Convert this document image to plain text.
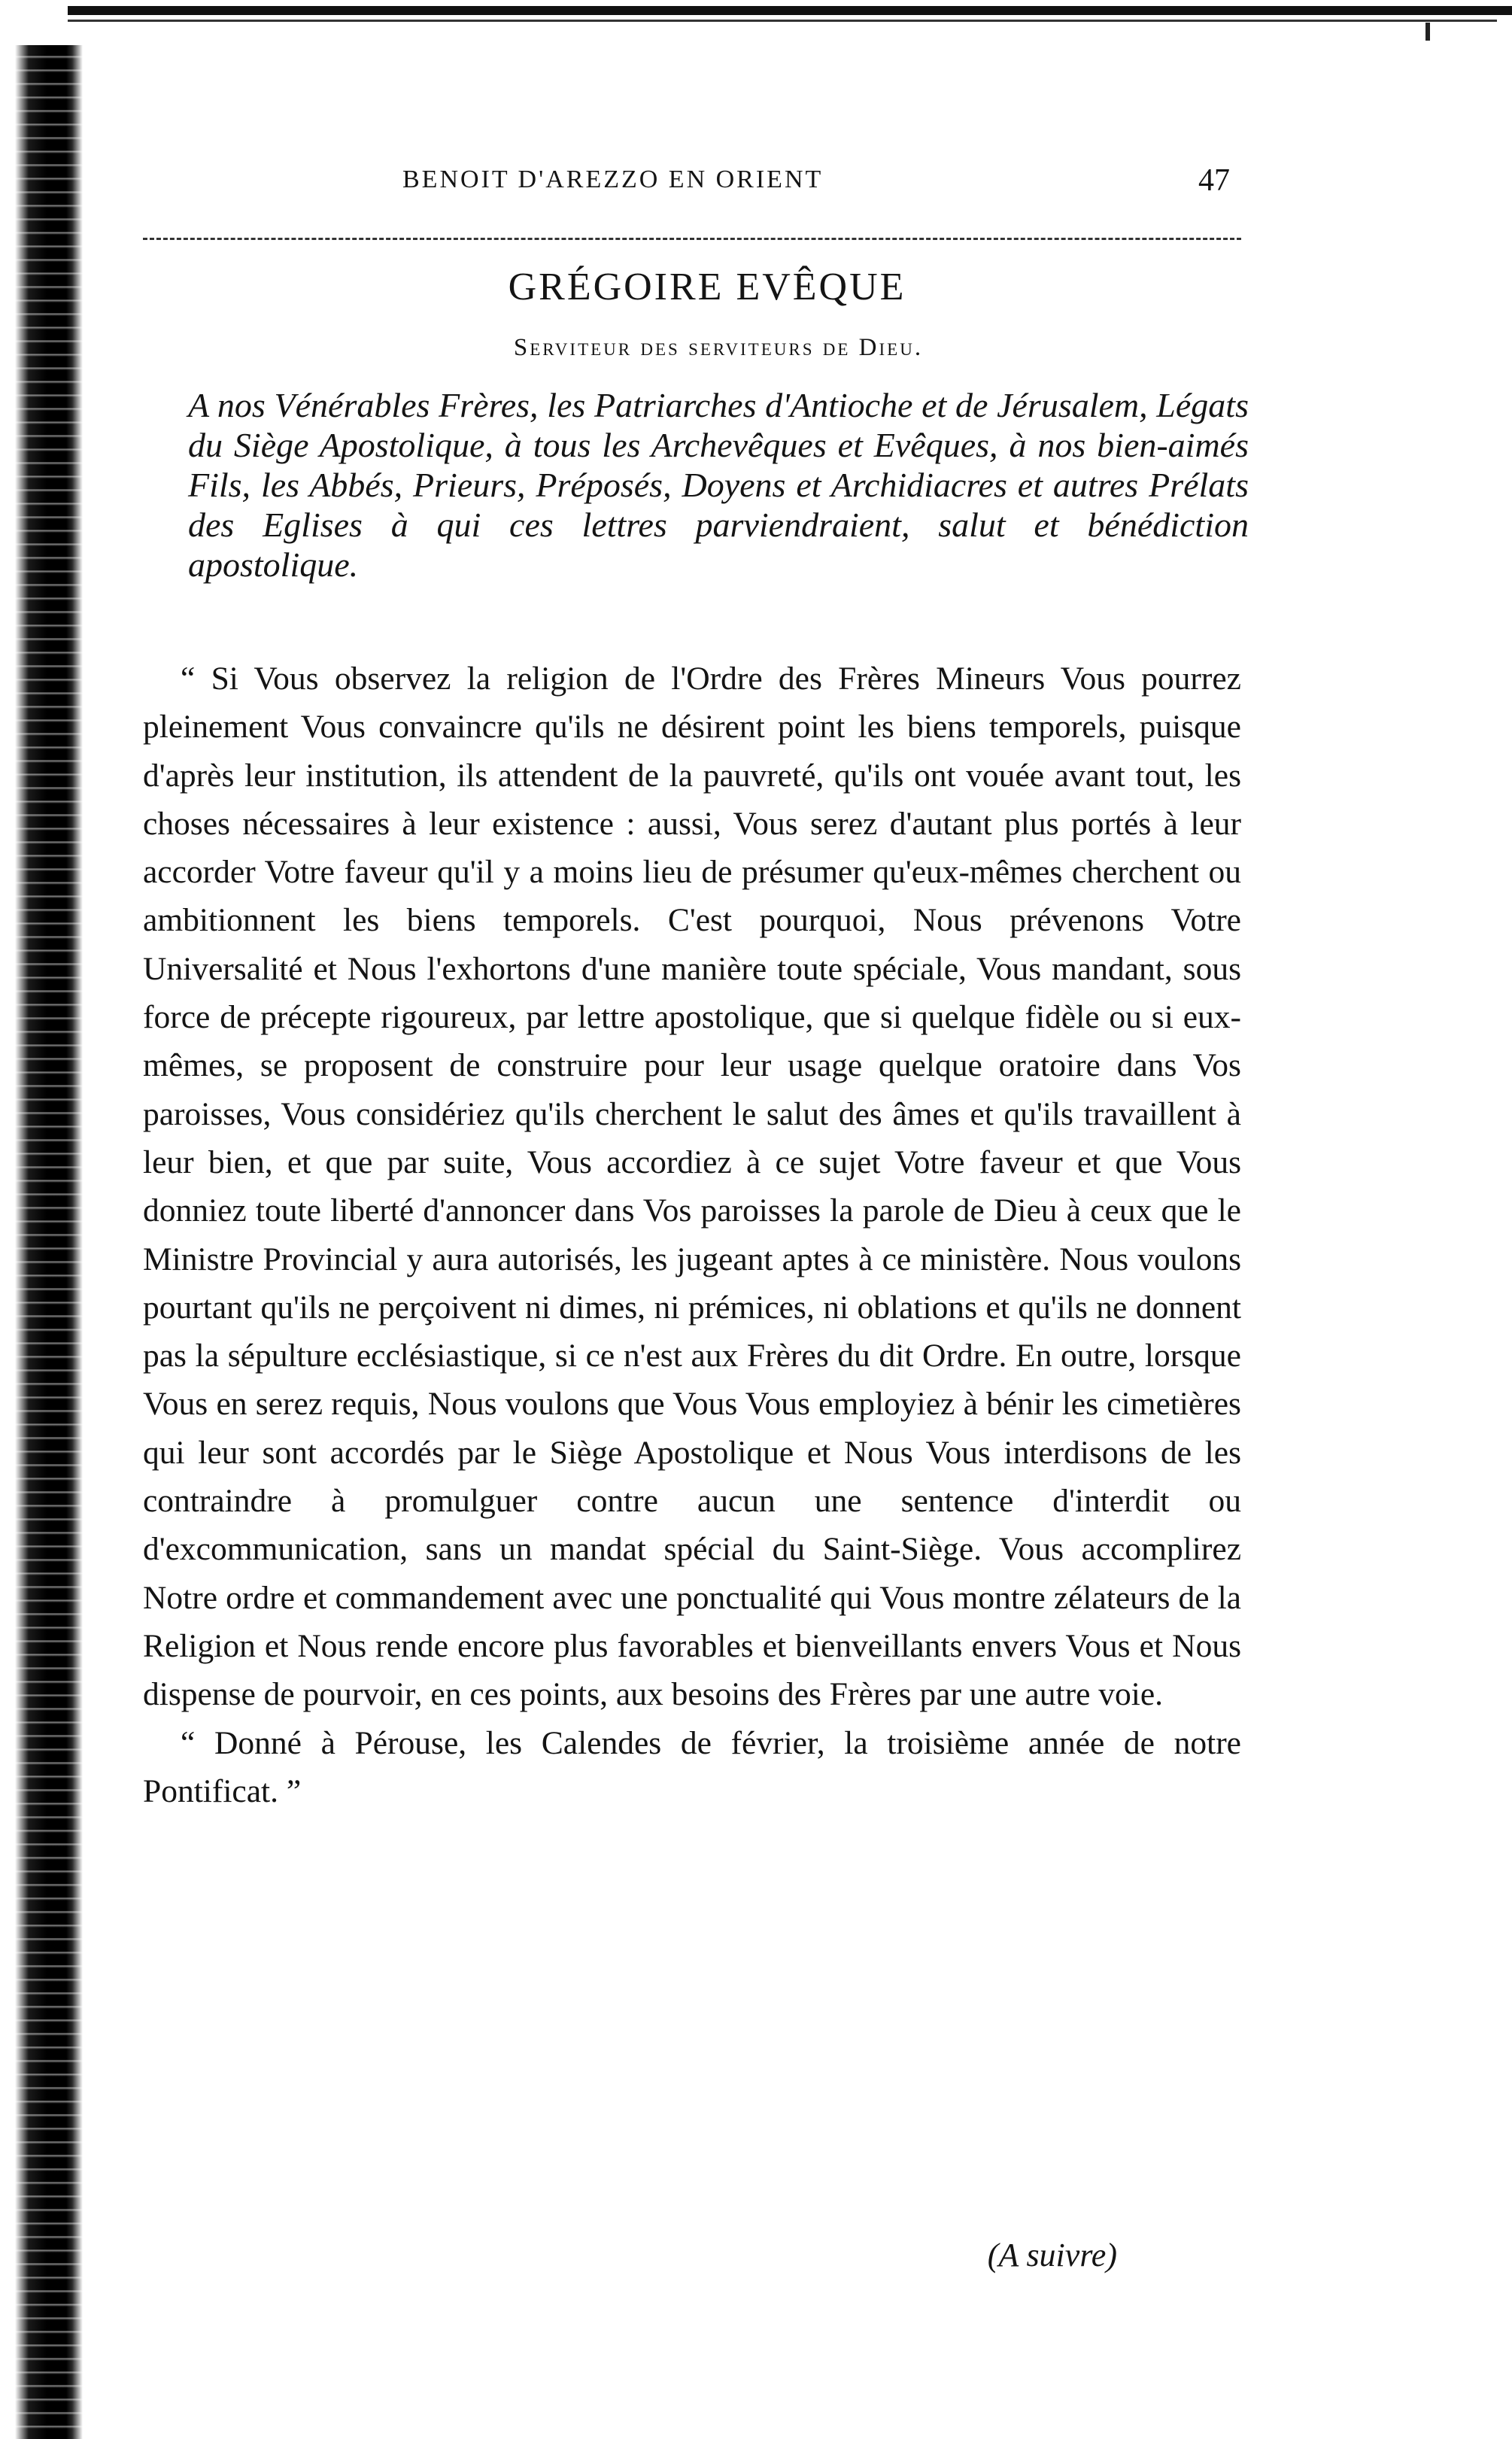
BENOIT D'AREZZO EN ORIENT	47
GRÉGOIRE EVÊQUE
Serviteur des serviteurs de Dieu.
A nos Vénérables Frères, les Patriarches d'Antioche et de Jérusalem, Légats du Siège Apostolique, à tous les Archevêques et Evêques, à nos bien-aimés Fils, les Abbés, Prieurs, Préposés, Doyens et Archidiacres et autres Prélats des Eglises à qui ces lettres parviendraient, salut et bénédiction apostolique.

“ Si Vous observez la religion de l'Ordre des Frères Mineurs Vous pourrez pleinement Vous convaincre qu'ils ne désirent point les biens temporels, puisque d'après leur institution, ils attendent de la pauvreté, qu'ils ont vouée avant tout, les choses nécessaires à leur existence : aussi, Vous serez d'autant plus portés à leur accorder Votre faveur qu'il y a moins lieu de présumer qu'eux-mêmes cherchent ou ambitionnent les biens temporels. C'est pourquoi, Nous prévenons Votre Universalité et Nous l'exhortons d'une manière toute spéciale, Vous mandant, sous force de précepte rigoureux, par lettre apostolique, que si quelque fidèle ou si eux-mêmes, se proposent de construire pour leur usage quelque oratoire dans Vos paroisses, Vous considériez qu'ils cherchent le salut des âmes et qu'ils travaillent à leur bien, et que par suite, Vous accordiez à ce sujet Votre faveur et que Vous donniez toute liberté d'annoncer dans Vos paroisses la parole de Dieu à ceux que le Ministre Provincial y aura autorisés, les jugeant aptes à ce ministère. Nous voulons pourtant qu'ils ne perçoivent ni dimes, ni prémices, ni oblations et qu'ils ne donnent pas la sépulture ecclésiastique, si ce n'est aux Frères du dit Ordre. En outre, lorsque Vous en serez requis, Nous voulons que Vous Vous employiez à bénir les cimetières qui leur sont accordés par le Siège Apostolique et Nous Vous interdisons de les contraindre à promulguer contre aucun une sentence d'interdit ou d'excommunication, sans un mandat spécial du Saint-Siège. Vous accomplirez Notre ordre et commandement avec une ponctualité qui Vous montre zélateurs de la Religion et Nous rende encore plus favorables et bienveillants envers Vous et Nous dispense de pourvoir, en ces points, aux besoins des Frères par une autre voie.

“ Donné à Pérouse, les Calendes de février, la troisième année de notre Pontificat. ”

(A suivre)
